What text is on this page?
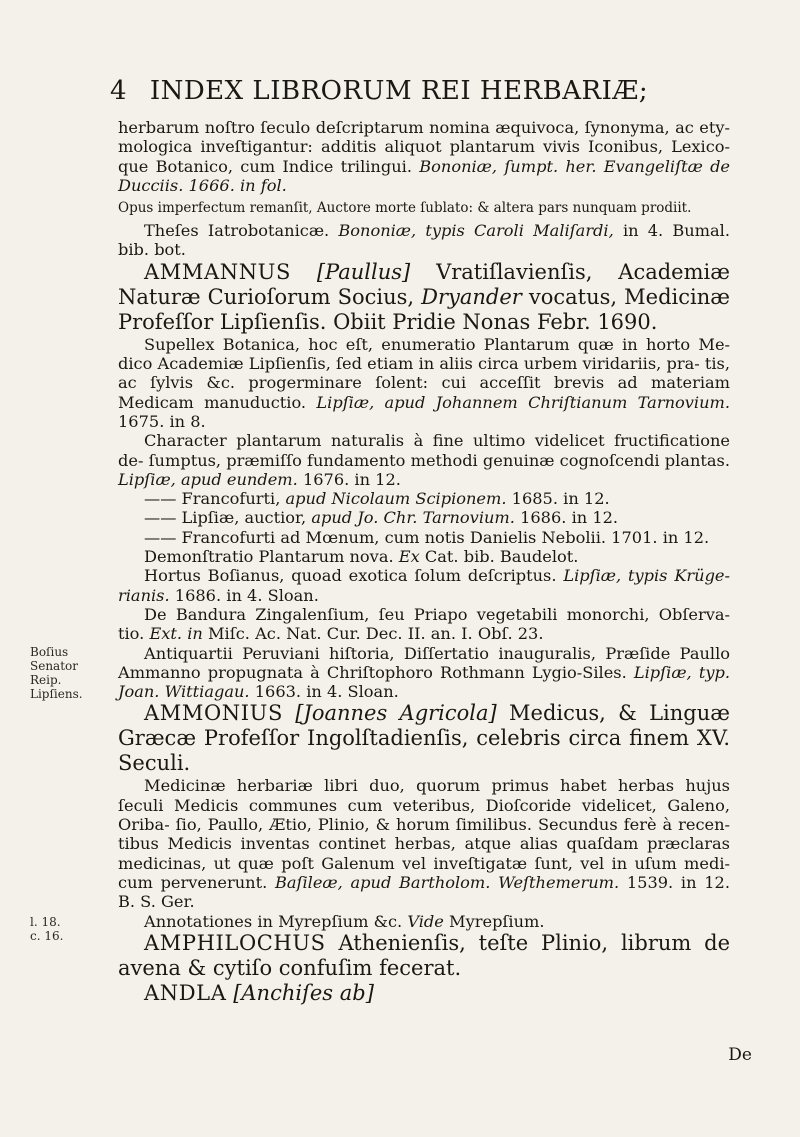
4 INDEX LIBRORUM REI HERBARIÆ;

herbarum noſtro ſeculo deſcriptarum nomina æquivoca, ſynonyma, ac ety- mologica inveſtigantur: additis aliquot plantarum vivis Iconibus, Lexico- que Botanico, cum Indice trilingui. Bononiæ, ſumpt. her. Evangeliſtæ de Ducciis. 1666. in fol.

Opus imperfectum remanſit, Auctore morte ſublato: & altera pars nunquam prodiit.

Theſes Iatrobotanicæ. Bononiæ, typis Caroli Maliſardi, in 4. Bumal. bib. bot.

AMMANNUS [Paullus] Vratiſlavienſis, Academiæ Naturæ Curioſorum Socius, Dryander vocatus, Medicinæ Profeſſor Lipſienſis. Obiit Pridie Nonas Febr. 1690.

Supellex Botanica, hoc eſt, enumeratio Plantarum quæ in horto Me- dico Academiæ Lipſienſis, ſed etiam in aliis circa urbem viridariis, pra- tis, ac ſylvis &c. progerminare ſolent: cui acceſſit brevis ad materiam Medicam manuductio. Lipſiæ, apud Johannem Chriſtianum Tarnovium. 1675. in 8.

Character plantarum naturalis à fine ultimo videlicet fructificatione de- ſumptus, præmiſſo fundamento methodi genuinæ cognoſcendi plantas. Lipſiæ, apud eundem. 1676. in 12.

—— Francofurti, apud Nicolaum Scipionem. 1685. in 12.

—— Lipſiæ, auctior, apud Jo. Chr. Tarnovium. 1686. in 12.

—— Francofurti ad Mœnum, cum notis Danielis Nebolii. 1701. in 12.

Demonſtratio Plantarum nova. Ex Cat. bib. Baudelot.

Hortus Boſianus, quoad exotica ſolum deſcriptus. Lipſiæ, typis Krüge- rianis. 1686. in 4. Sloan.

De Bandura Zingalenſium, ſeu Priapo vegetabili monorchi, Obſerva- tio. Ext. in Miſc. Ac. Nat. Cur. Dec. II. an. I. Obſ. 23.

Antiquartii Peruviani hiſtoria, Diſſertatio inauguralis, Præſide Paullo Ammanno propugnata à Chriſtophoro Rothmann Lygio-Siles. Lipſiæ, typ. Joan. Wittiagau. 1663. in 4. Sloan.

AMMONIUS [Joannes Agricola] Medicus, & Linguæ Græcæ Profeſſor Ingolſtadienſis, celebris circa finem XV. Seculi.

Medicinæ herbariæ libri duo, quorum primus habet herbas hujus ſeculi Medicis communes cum veteribus, Dioſcoride videlicet, Galeno, Oriba- ſio, Paullo, Ætio, Plinio, & horum ſimilibus. Secundus ferè à recen- tibus Medicis inventas continet herbas, atque alias quaſdam præclaras medicinas, ut quæ poſt Galenum vel inveſtigatæ ſunt, vel in uſum medi- cum pervenerunt. Baſileæ, apud Bartholom. Weſthemerum. 1539. in 12. B. S. Ger.

Annotationes in Myrepſium &c. Vide Myrepſium.

AMPHILOCHUS Athenienſis, teſte Plinio, librum de avena & cytiſo confuſim fecerat.

ANDLA [Anchiſes ab]

Boſius Senator Reip. Lipſiens.
l. 18. c. 16.
De
